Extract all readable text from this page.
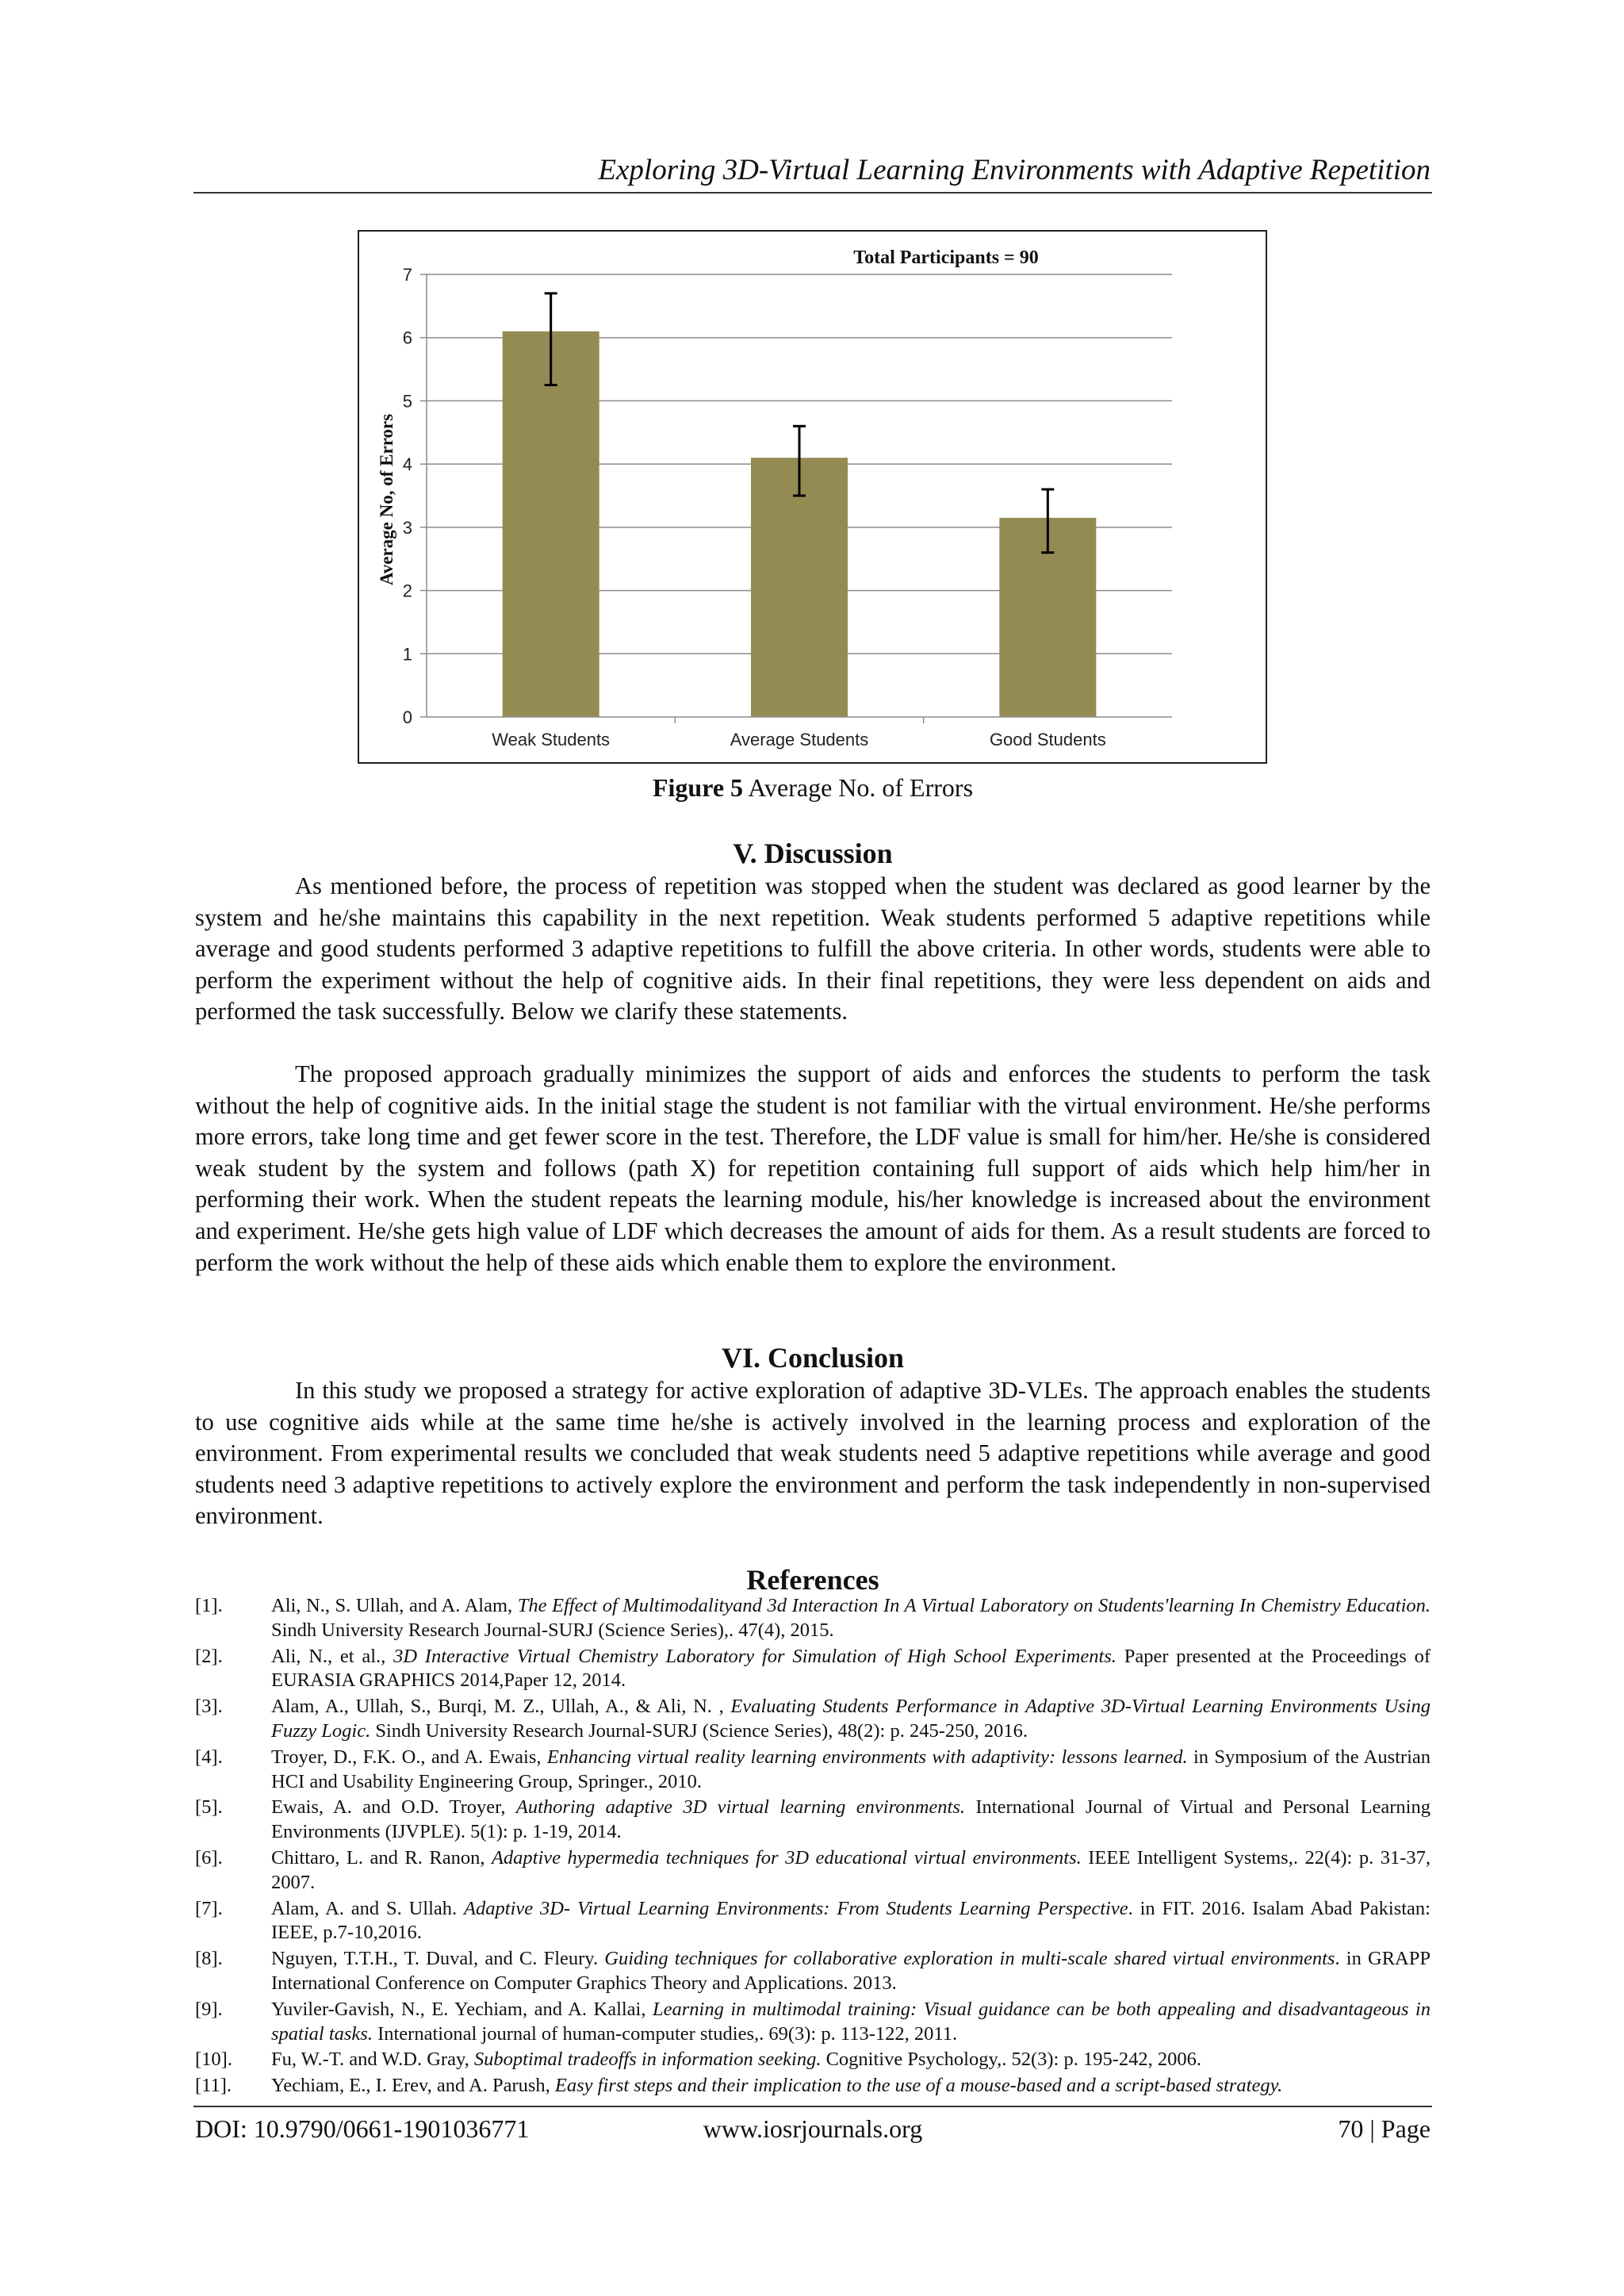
Exploring 3D-Virtual Learning Environments with Adaptive Repetition
0
1
2
3
4
5
6
7
Weak Students	Average Students	Good Students
Total Participants = 90
Average No, of Errors
Figure 5 Average No. of Errors
V. Discussion

As mentioned before, the process of repetition was stopped when the student was declared as good learner by the system and he/she maintains this capability in the next repetition. Weak students performed 5 adaptive repetitions while average and good students performed 3 adaptive repetitions to fulfill the above criteria. In other words, students were able to perform the experiment without the help of cognitive aids. In their final repetitions, they were less dependent on aids and performed the task successfully. Below we clarify these statements.

The proposed approach gradually minimizes the support of aids and enforces the students to perform the task without the help of cognitive aids. In the initial stage the student is not familiar with the virtual environment. He/she performs more errors, take long time and get fewer score in the test. Therefore, the LDF value is small for him/her. He/she is considered weak student by the system and follows (path X) for repetition containing full support of aids which help him/her in performing their work. When the student repeats the learning module, his/her knowledge is increased about the environment and experiment. He/she gets high value of LDF which decreases the amount of aids for them. As a result students are forced to perform the work without the help of these aids which enable them to explore the environment.

VI. Conclusion

In this study we proposed a strategy for active exploration of adaptive 3D-VLEs. The approach enables the students to use cognitive aids while at the same time he/she is actively involved in the learning process and exploration of the environment. From experimental results we concluded that weak students need 5 adaptive repetitions while average and good students need 3 adaptive repetitions to actively explore the environment and perform the task independently in non-supervised environment.

References
[1].	Ali, N., S. Ullah, and A. Alam, The Effect of Multimodalityand 3d Interaction In A Virtual Laboratory on Students'learning In Chemistry Education. Sindh University Research Journal-SURJ (Science Series),. 47(4), 2015.
[2].	Ali, N., et al., 3D Interactive Virtual Chemistry Laboratory for Simulation of High School Experiments. Paper presented at the Proceedings of EURASIA GRAPHICS 2014,Paper 12, 2014.
[3].	Alam, A., Ullah, S., Burqi, M. Z., Ullah, A., & Ali, N. , Evaluating Students Performance in Adaptive 3D-Virtual Learning Environments Using Fuzzy Logic. Sindh University Research Journal-SURJ (Science Series), 48(2): p. 245-250, 2016.
[4].	Troyer, D., F.K. O., and A. Ewais, Enhancing virtual reality learning environments with adaptivity: lessons learned. in Symposium of the Austrian HCI and Usability Engineering Group, Springer., 2010.
[5].	Ewais, A. and O.D. Troyer, Authoring adaptive 3D virtual learning environments. International Journal of Virtual and Personal Learning Environments (IJVPLE). 5(1): p. 1-19, 2014.
[6].	Chittaro, L. and R. Ranon, Adaptive hypermedia techniques for 3D educational virtual environments. IEEE Intelligent Systems,. 22(4): p. 31-37, 2007.
[7].	Alam, A. and S. Ullah. Adaptive 3D- Virtual Learning Environments: From Students Learning Perspective. in FIT. 2016. Isalam Abad Pakistan: IEEE, p.7-10,2016.
[8].	Nguyen, T.T.H., T. Duval, and C. Fleury. Guiding techniques for collaborative exploration in multi-scale shared virtual environments. in GRAPP International Conference on Computer Graphics Theory and Applications. 2013.
[9].	Yuviler-Gavish, N., E. Yechiam, and A. Kallai, Learning in multimodal training: Visual guidance can be both appealing and disadvantageous in spatial tasks. International journal of human-computer studies,. 69(3): p. 113-122, 2011.
[10]. Fu, W.-T. and W.D. Gray, Suboptimal tradeoffs in information seeking. Cognitive Psychology,. 52(3): p. 195-242, 2006.
[11]. Yechiam, E., I. Erev, and A. Parush, Easy first steps and their implication to the use of a mouse-based and a script-based strategy.
DOI: 10.9790/0661-1901036771	www.iosrjournals.org	70 | Page
